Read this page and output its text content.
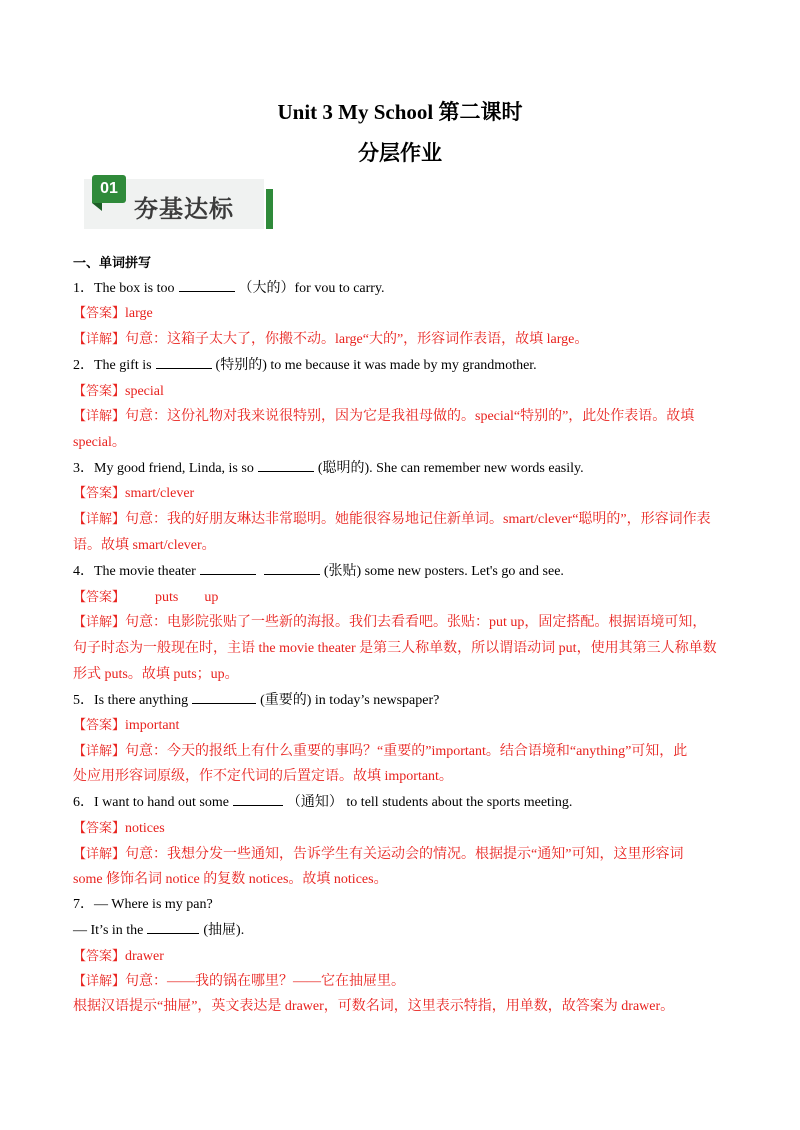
Unit 3 My School 第二课时
分层作业
01
夯基达标
一、单词拼写
1．The box is too	（大的）for vou to carry.
【答案】large
【详解】句意：这箱子太大了，你搬不动。large“大的”，形容词作表语，故填 large。
2．The gift is	(特别的) to me because it was made by my grandmother.
【答案】special
【详解】句意：这份礼物对我来说很特别，因为它是我祖母做的。special“特别的”，此处作表语。故填
special。
3．My good friend, Linda, is so	(聪明的). She can remember new words easily.
【答案】smart/clever
【详解】句意：我的好朋友琳达非常聪明。她能很容易地记住新单词。smart/clever“聪明的”，形容词作表
语。故填 smart/clever。
4．The movie theater	(张贴) some new posters. Let's go and see.
【答案】 puts up
【详解】句意：电影院张贴了一些新的海报。我们去看看吧。张贴：put up，固定搭配。根据语境可知，
句子时态为一般现在时，主语 the movie theater 是第三人称单数，所以谓语动词 put，使用其第三人称单数
形式 puts。故填 puts；up。
5．Is there anything	(重要的) in today’s newspaper?
【答案】important
【详解】句意：今天的报纸上有什么重要的事吗？“重要的”important。结合语境和“anything”可知，此
处应用形容词原级，作不定代词的后置定语。故填 important。
6．I want to hand out some	（通知） to tell students about the sports meeting.
【答案】notices
【详解】句意：我想分发一些通知，告诉学生有关运动会的情况。根据提示“通知”可知，这里形容词
some 修饰名词 notice 的复数 notices。故填 notices。
7．— Where is my pan?
— It’s in the	(抽屉).
【答案】drawer
【详解】句意：——我的锅在哪里？——它在抽屉里。
根据汉语提示“抽屉”，英文表达是 drawer，可数名词，这里表示特指，用单数，故答案为 drawer。
